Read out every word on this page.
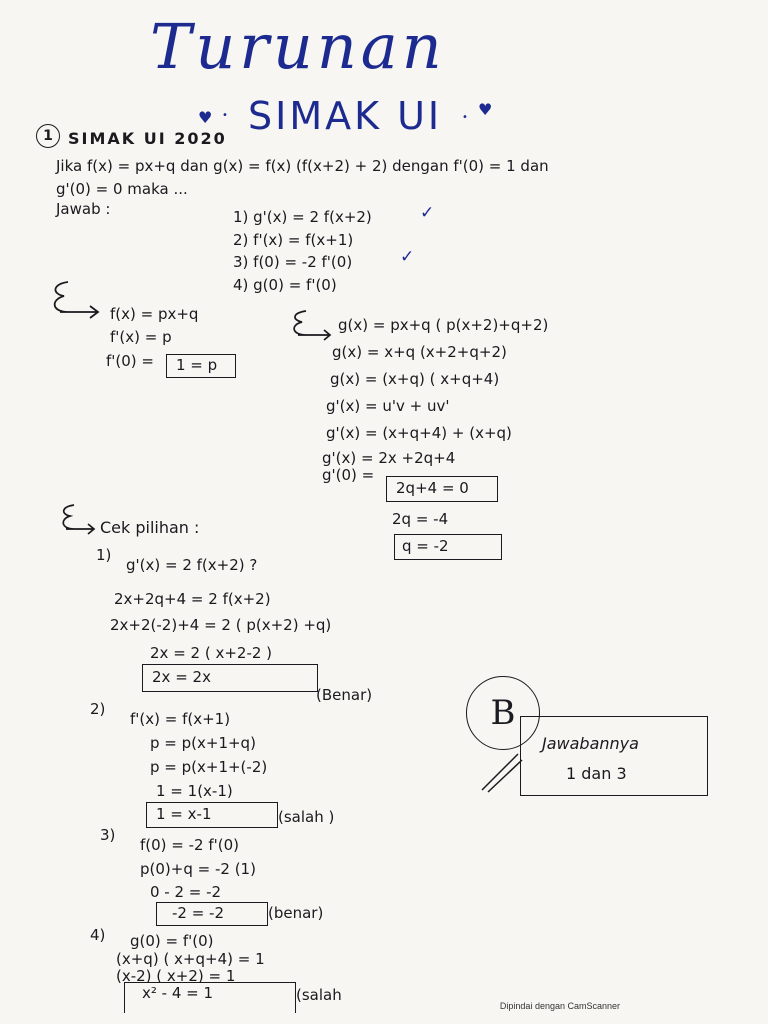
Turunan
♥ • SIMAK UI • ♥
1 SIMAK UI 2020
Jika f(x) = px+q dan g(x) = f(x) (f(x+2) + 2) dengan f'(0) = 1 dan
g'(0) = 0 maka ...
Jawab :	1) g'(x) = 2 f(x+2)	✓
2) f'(x) = f(x+1)
3) f(0) = -2 f'(0)	✓
4) g(0) = f'(0)
f(x) = px+q
f'(x) = p
f'(0) = 1 = p
g(x) = px+q ( p(x+2)+q+2)
g(x) = x+q (x+2+q+2)
g(x) = (x+q) ( x+q+4)
g'(x) = u'v + uv'
g'(x) = (x+q+4) + (x+q)
g'(x) = 2x +2q+4
g'(0) =
2q+4 = 0
2q = -4
q = -2
Cek pilihan :
1)
g'(x) = 2 f(x+2) ?
2x+2q+4 = 2 f(x+2)
2x+2(-2)+4 = 2 ( p(x+2) +q)
2x = 2 ( x+2-2 )
2x = 2x
(Benar)
2)
f'(x) = f(x+1)
p = p(x+1+q)
p = p(x+1+(-2)
1 = 1(x-1)
1 = x-1	(salah )
3)
f(0) = -2 f'(0)
p(0)+q = -2 (1)
0 - 2 = -2
-2 = -2	(benar)
4) g(0) = f'(0)
(x+q) ( x+q+4) = 1
(x-2) ( x+2) = 1
x² - 4 = 1	(salah
B
Jawabannya
1 dan 3
Dipindai dengan CamScanner
